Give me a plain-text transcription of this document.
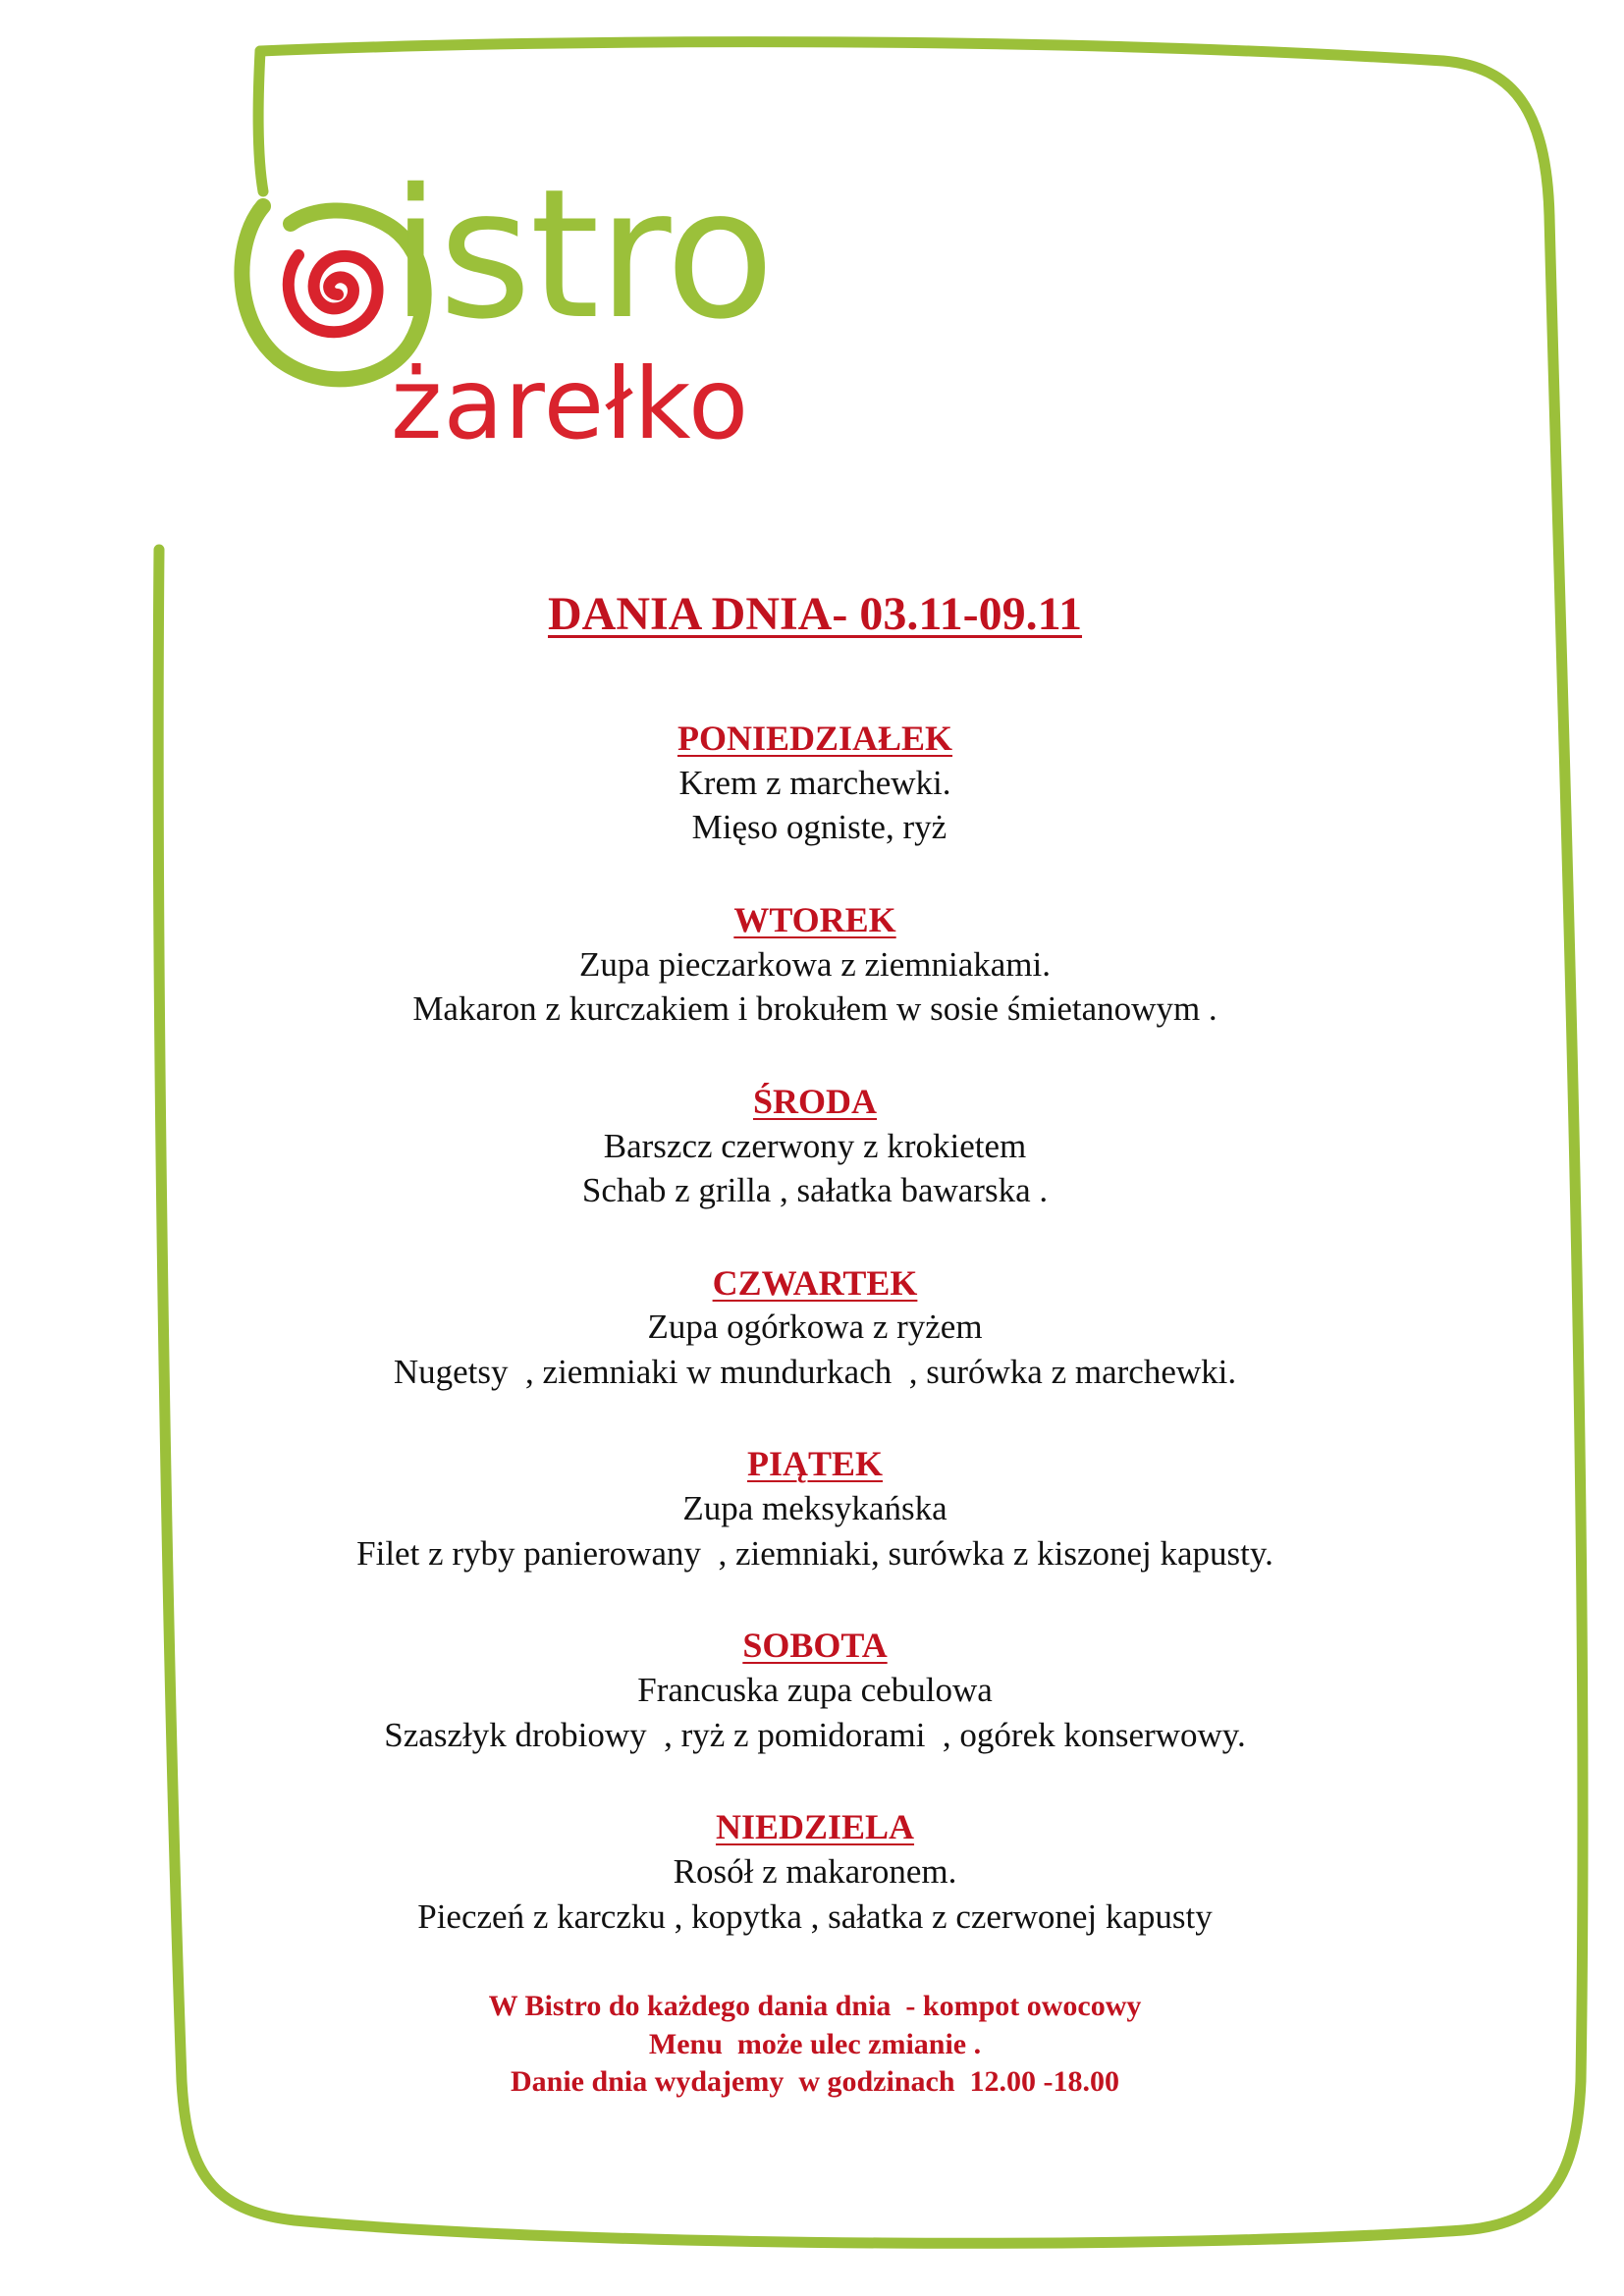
istro
żarełko
DANIA DNIA- 03.11-09.11
PONIEDZIAŁEK
Krem z marchewki.
Mięso ogniste, ryż
WTOREK
Zupa pieczarkowa z ziemniakami.
Makaron z kurczakiem i brokułem w sosie śmietanowym .
ŚRODA
Barszcz czerwony z krokietem
Schab z grilla , sałatka bawarska .
CZWARTEK
Zupa ogórkowa z ryżem
Nugetsy  , ziemniaki w mundurkach  , surówka z marchewki.
PIĄTEK
Zupa meksykańska
Filet z ryby panierowany  , ziemniaki, surówka z kiszonej kapusty.
SOBOTA
Francuska zupa cebulowa
Szaszłyk drobiowy  , ryż z pomidorami  , ogórek konserwowy.
NIEDZIELA
Rosół z makaronem.
Pieczeń z karczku , kopytka , sałatka z czerwonej kapusty
W Bistro do każdego dania dnia  - kompot owocowy
Menu  może ulec zmianie .
Danie dnia wydajemy  w godzinach  12.00 -18.00
